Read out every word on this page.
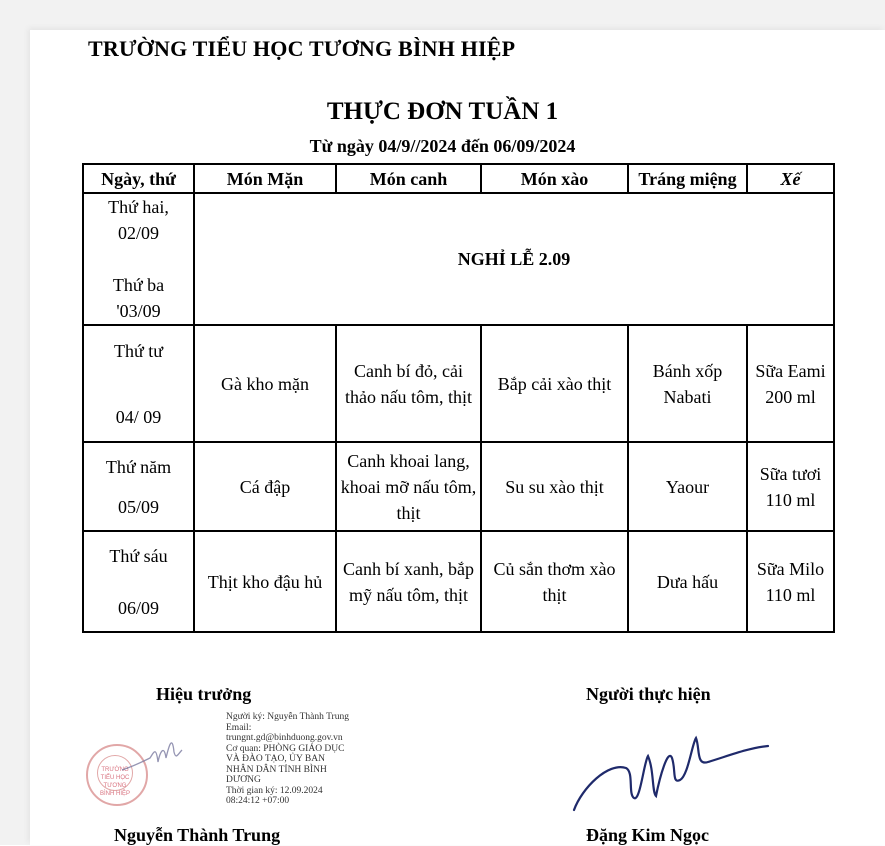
TRƯỜNG TIỂU HỌC TƯƠNG BÌNH HIỆP
THỰC ĐƠN TUẦN 1
Từ ngày 04/9//2024 đến 06/09/2024
Ngày, thứ	Món Mặn	Món canh	Món xào	Tráng miệng	Xế
Thứ hai,
02/09
Thứ ba
'03/09	NGHỈ LỄ 2.09				
Thứ tư
04/ 09	Gà kho mặn	Canh bí đỏ, cải thảo nấu tôm, thịt	Bắp cải xào thịt	Bánh xốp Nabati	Sữa Eami 200 ml
Thứ năm
05/09	Cá đập	Canh khoai lang, khoai mỡ nấu tôm, thịt	Su su xào thịt	Yaour	Sữa tươi 110 ml
Thứ sáu
06/09	Thịt kho đậu hủ	Canh bí xanh, bắp mỹ nấu tôm, thịt	Củ sắn thơm xào thịt	Dưa hấu	Sữa Milo 110 ml
Hiệu trưởng	Người thực hiện
TRƯỜNG TIỂU HỌC TƯƠNG BÌNH HIỆP
Người ký: Nguyễn Thành Trung
Email:
trungnt.gd@binhduong.gov.vn
Cơ quan: PHÒNG GIÁO DỤC
VÀ ĐÀO TẠO, ỦY BAN
NHÂN DÂN TỈNH BÌNH
DƯƠNG
Thời gian ký: 12.09.2024
08:24:12 +07:00
Nguyễn Thành Trung	Đặng Kim Ngọc
